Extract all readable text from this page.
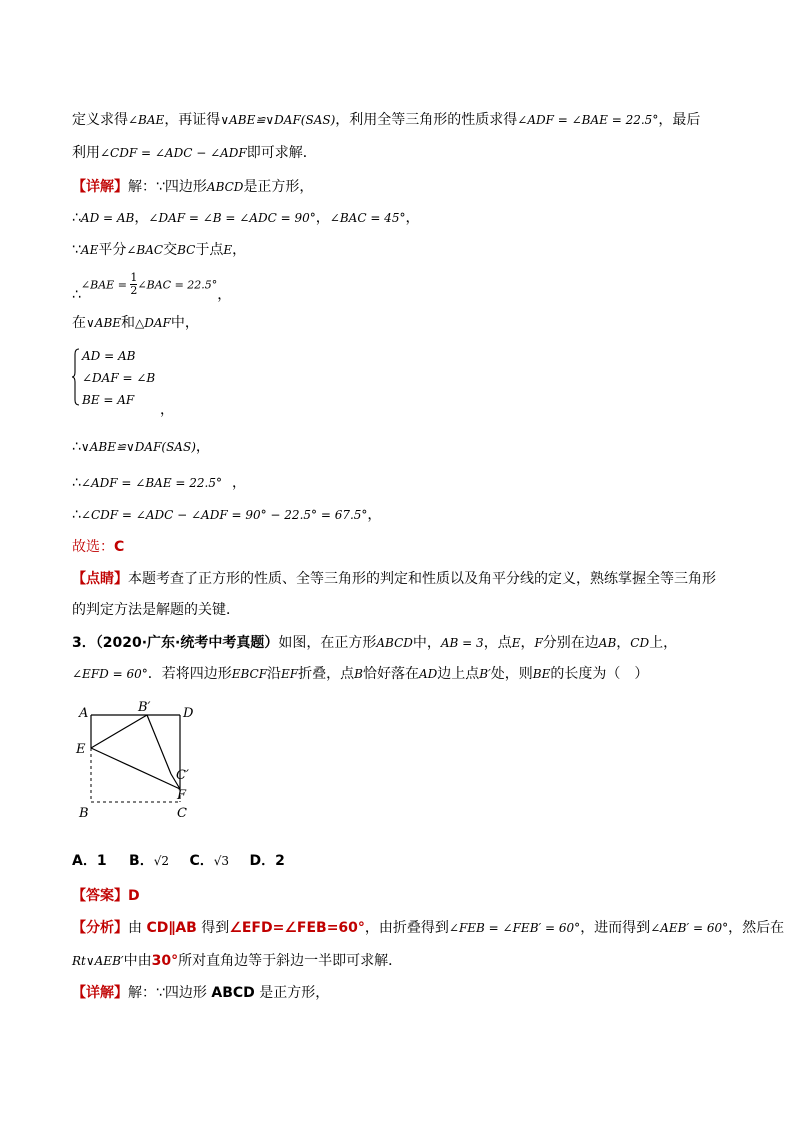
定义求得∠BAE，再证得∨ABE≌∨DAF(SAS)，利用全等三角形的性质求得∠ADF = ∠BAE = 22.5°，最后
利用∠CDF = ∠ADC − ∠ADF即可求解．
【详解】解：∵四边形ABCD是正方形，
∴AD = AB，∠DAF = ∠B = ∠ADC = 90°，∠BAC = 45°，
∵AE平分∠BAC交BC于点E，
∴∠BAE = $\frac{1}{2}$ ∠BAC = 22.5°，
在∨ABE和△DAF中，
AD = AB
∠DAF = ∠B
BE = AF
，
∴∨ABE≌∨DAF(SAS)，
∴∠ADF = ∠BAE = 22.5° ，
∴∠CDF = ∠ADC − ∠ADF = 90° − 22.5° = 67.5°，
故选：C
【点睛】本题考查了正方形的性质、全等三角形的判定和性质以及角平分线的定义，熟练掌握全等三角形
的判定方法是解题的关键．
3．（2020·广东·统考中考真题）如图，在正方形ABCD中，AB = 3，点E，F分别在边AB，CD上，
∠EFD = 60°．若将四边形EBCF沿EF折叠，点B恰好落在AD边上点B′处，则BE的长度为（　）
A	B′ D
E
C′
F
B	C
A．1 B．√2 C．√3 D．2
【答案】D
【分析】由 CD∥AB 得到∠EFD=∠FEB=60°，由折叠得到∠FEB = ∠FEB′ = 60°，进而得到∠AEB′ = 60°，然后在
Rt∨AEB′中由30°所对直角边等于斜边一半即可求解．
【详解】解：∵四边形 ABCD 是正方形，
